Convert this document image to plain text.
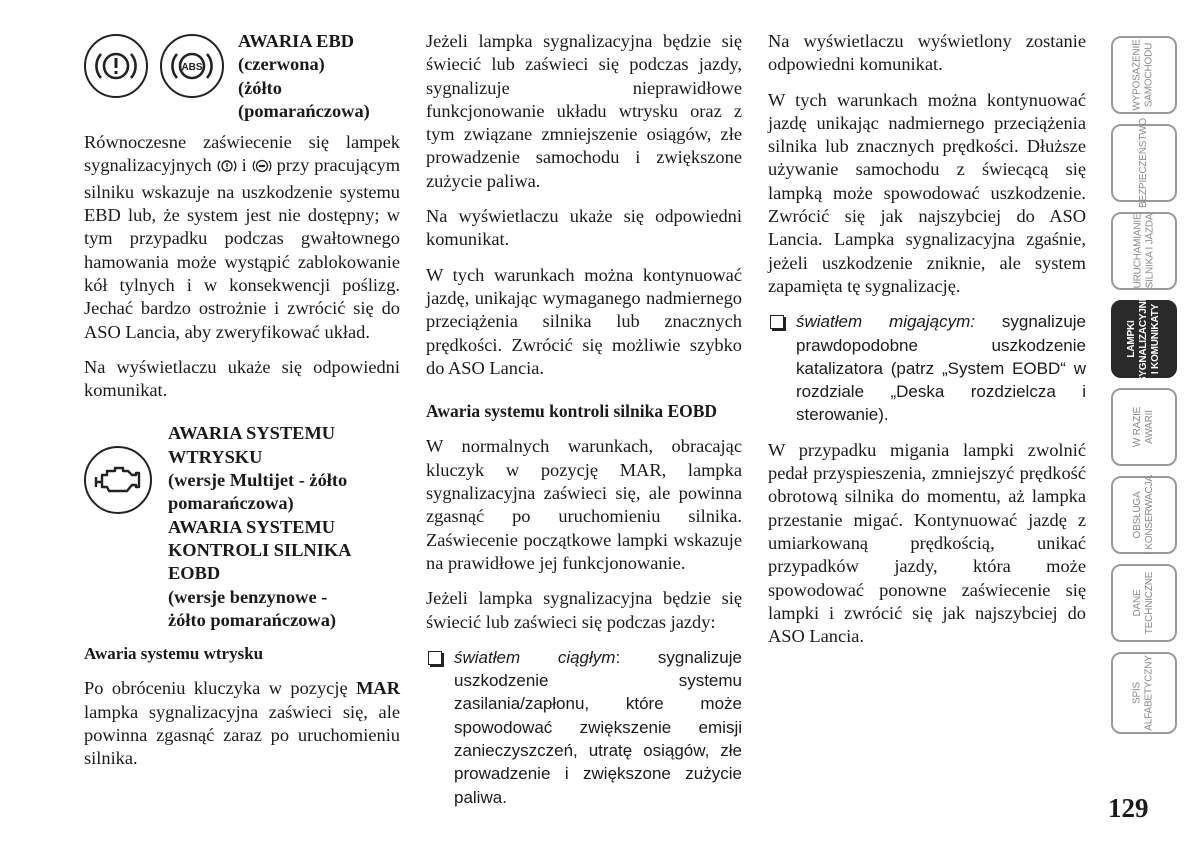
ABS
AWARIA EBD
(czerwona)
(żółto
(pomarańczowa)

Równoczesne zaświecenie się lampek sygnalizacyjnych i przy pracującym silniku wskazuje na uszkodzenie systemu EBD lub, że system jest nie dostępny; w tym przypadku podczas gwałtownego hamowania może wystąpić zablokowanie kół tylnych i w konsekwencji poślizg. Jechać bardzo ostrożnie i zwrócić się do ASO Lancia, aby zweryfikować układ.

Na wyświetlaczu ukaże się odpowiedni komunikat.

AWARIA SYSTEMU
WTRYSKU
(wersje Multijet - żółto
pomarańczowa)
AWARIA SYSTEMU
KONTROLI SILNIKA
EOBD
(wersje benzynowe -
żółto pomarańczowa)

Awaria systemu wtrysku

Po obróceniu kluczyka w pozycję MAR lampka sygnalizacyjna zaświeci się, ale powinna zgasnąć zaraz po uruchomieniu silnika.

Jeżeli lampka sygnalizacyjna będzie się świecić lub zaświeci się podczas jazdy, sygnalizuje nieprawidłowe funkcjonowanie układu wtrysku oraz z tym związane zmniejszenie osiągów, złe prowadzenie samochodu i zwiększone zużycie paliwa.

Na wyświetlaczu ukaże się odpowiedni komunikat.

W tych warunkach można kontynuować jazdę, unikając wymaganego nadmiernego przeciążenia silnika lub znacznych prędkości. Zwrócić się możliwie szybko do ASO Lancia.

Awaria systemu kontroli silnika EOBD

W normalnych warunkach, obracając kluczyk w pozycję MAR, lampka sygnalizacyjna zaświeci się, ale powinna zgasnąć po uruchomieniu silnika. Zaświecenie początkowe lampki wskazuje na prawidłowe jej funkcjonowanie.

Jeżeli lampka sygnalizacyjna będzie się świecić lub zaświeci się podczas jazdy:

światłem ciągłym: sygnalizuje uszkodzenie systemu zasilania/zapłonu, które może spowodować zwiększenie emisji zanieczyszczeń, utratę osiągów, złe prowadzenie i zwiększone zużycie paliwa.

Na wyświetlaczu wyświetlony zostanie odpowiedni komunikat.

W tych warunkach można kontynuować jazdę unikając nadmiernego przeciążenia silnika lub znacznych prędkości. Dłuższe używanie samochodu z świecącą się lampką może spowodować uszkodzenie. Zwrócić się jak najszybciej do ASO Lancia. Lampka sygnalizacyjna zgaśnie, jeżeli uszkodzenie zniknie, ale system zapamięta tę sygnalizację.

światłem migającym: sygnalizuje prawdopodobne uszkodzenie katalizatora (patrz „System EOBD“ w rozdziale „Deska rozdzielcza i sterowanie).

W przypadku migania lampki zwolnić pedał przyspieszenia, zmniejszyć prędkość obrotową silnika do momentu, aż lampka przestanie migać. Kontynuować jazdę z umiarkowaną prędkością, unikać przypadków jazdy, która może spowodować ponowne zaświecenie się lampki i zwrócić się jak najszybciej do ASO Lancia.

WYPOSAŻENIE SAMOCHODU
BEZPIECZEŃSTWO
URUCHAMIANIE SILNIKA I JAZDA
LAMPKI SYGNALIZACYJNE I KOMUNIKATY
W RAZIE AWARII
OBSŁUGA I KONSERWACJA
DANE TECHNICZNE
SPIS ALFABETYCZNY
129
